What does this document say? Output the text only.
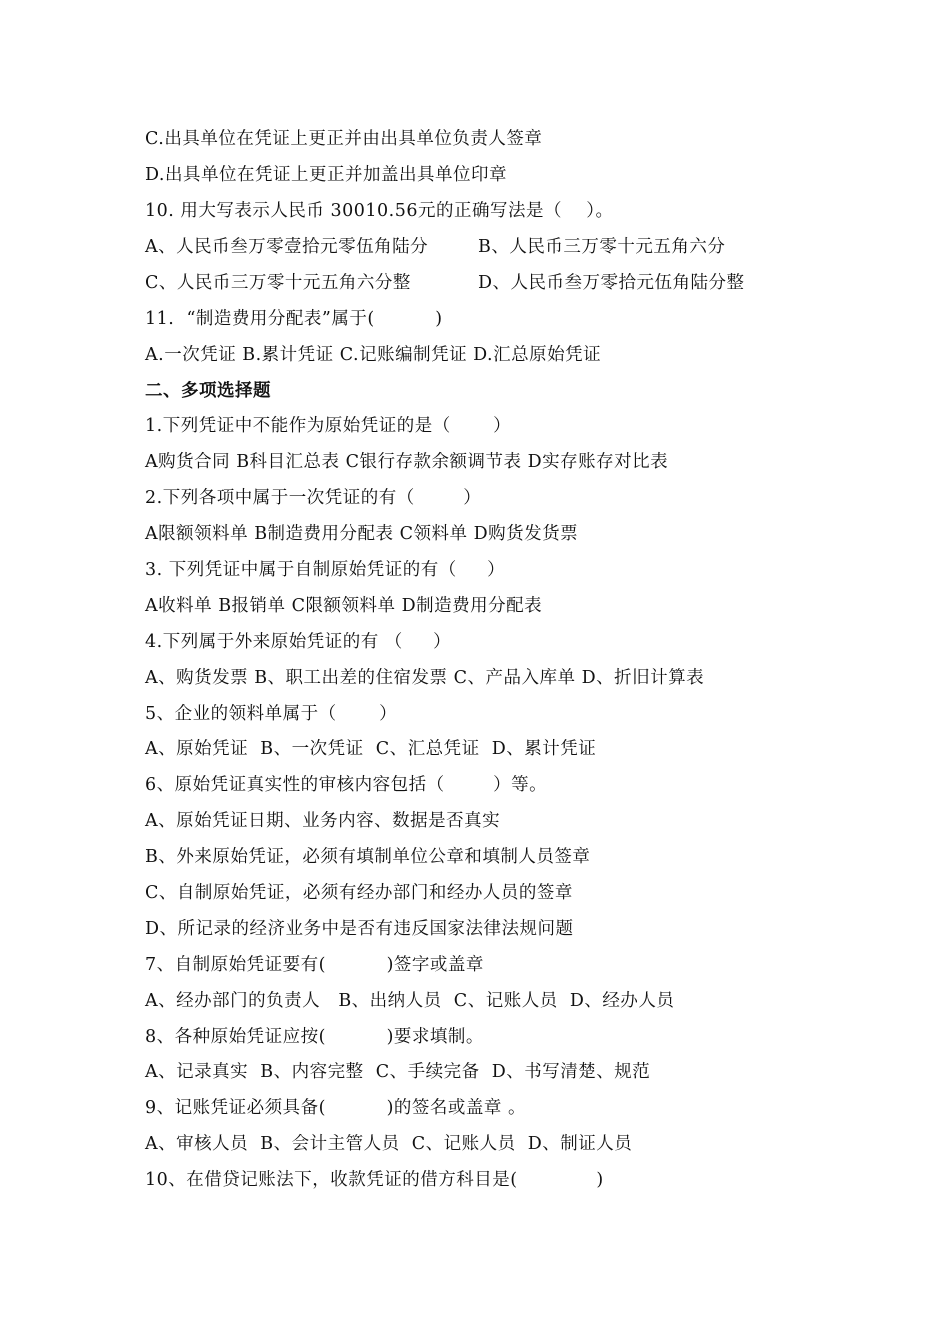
C.出具单位在凭证上更正并由出具单位负责人签章
D.出具单位在凭证上更正并加盖出具单位印章
10. 用大写表示人民币 30010.56元的正确写法是（    ）。
A、人民币叁万零壹拾元零伍角陆分	B、人民币三万零十元五角六分
C、人民币三万零十元五角六分整	D、人民币叁万零拾元伍角陆分整
11.  “制造费用分配表”属于(          )
A.一次凭证 B.累计凭证 C.记账编制凭证 D.汇总原始凭证
二、多项选择题
1.下列凭证中不能作为原始凭证的是（       ）
A购货合同 B科目汇总表 C银行存款余额调节表 D实存账存对比表
2.下列各项中属于一次凭证的有（        ）
A限额领料单 B制造费用分配表 C领料单 D购货发货票
3. 下列凭证中属于自制原始凭证的有（     ）
A收料单 B报销单 C限额领料单 D制造费用分配表
4.下列属于外来原始凭证的有 （     ）
A、购货发票 B、职工出差的住宿发票 C、产品入库单 D、折旧计算表
5、企业的领料单属于（       ）
A、原始凭证  B、一次凭证  C、汇总凭证  D、累计凭证
6、原始凭证真实性的审核内容包括（        ）等。
A、原始凭证日期、业务内容、数据是否真实
B、外来原始凭证，必须有填制单位公章和填制人员签章
C、自制原始凭证，必须有经办部门和经办人员的签章
D、所记录的经济业务中是否有违反国家法律法规问题
7、自制原始凭证要有(          )签字或盖章
A、经办部门的负责人   B、出纳人员  C、记账人员  D、经办人员
8、各种原始凭证应按(          )要求填制。
A、记录真实  B、内容完整  C、手续完备  D、书写清楚、规范
9、记账凭证必须具备(          )的签名或盖章 。
A、审核人员  B、会计主管人员  C、记账人员  D、制证人员
10、在借贷记账法下，收款凭证的借方科目是(             )
